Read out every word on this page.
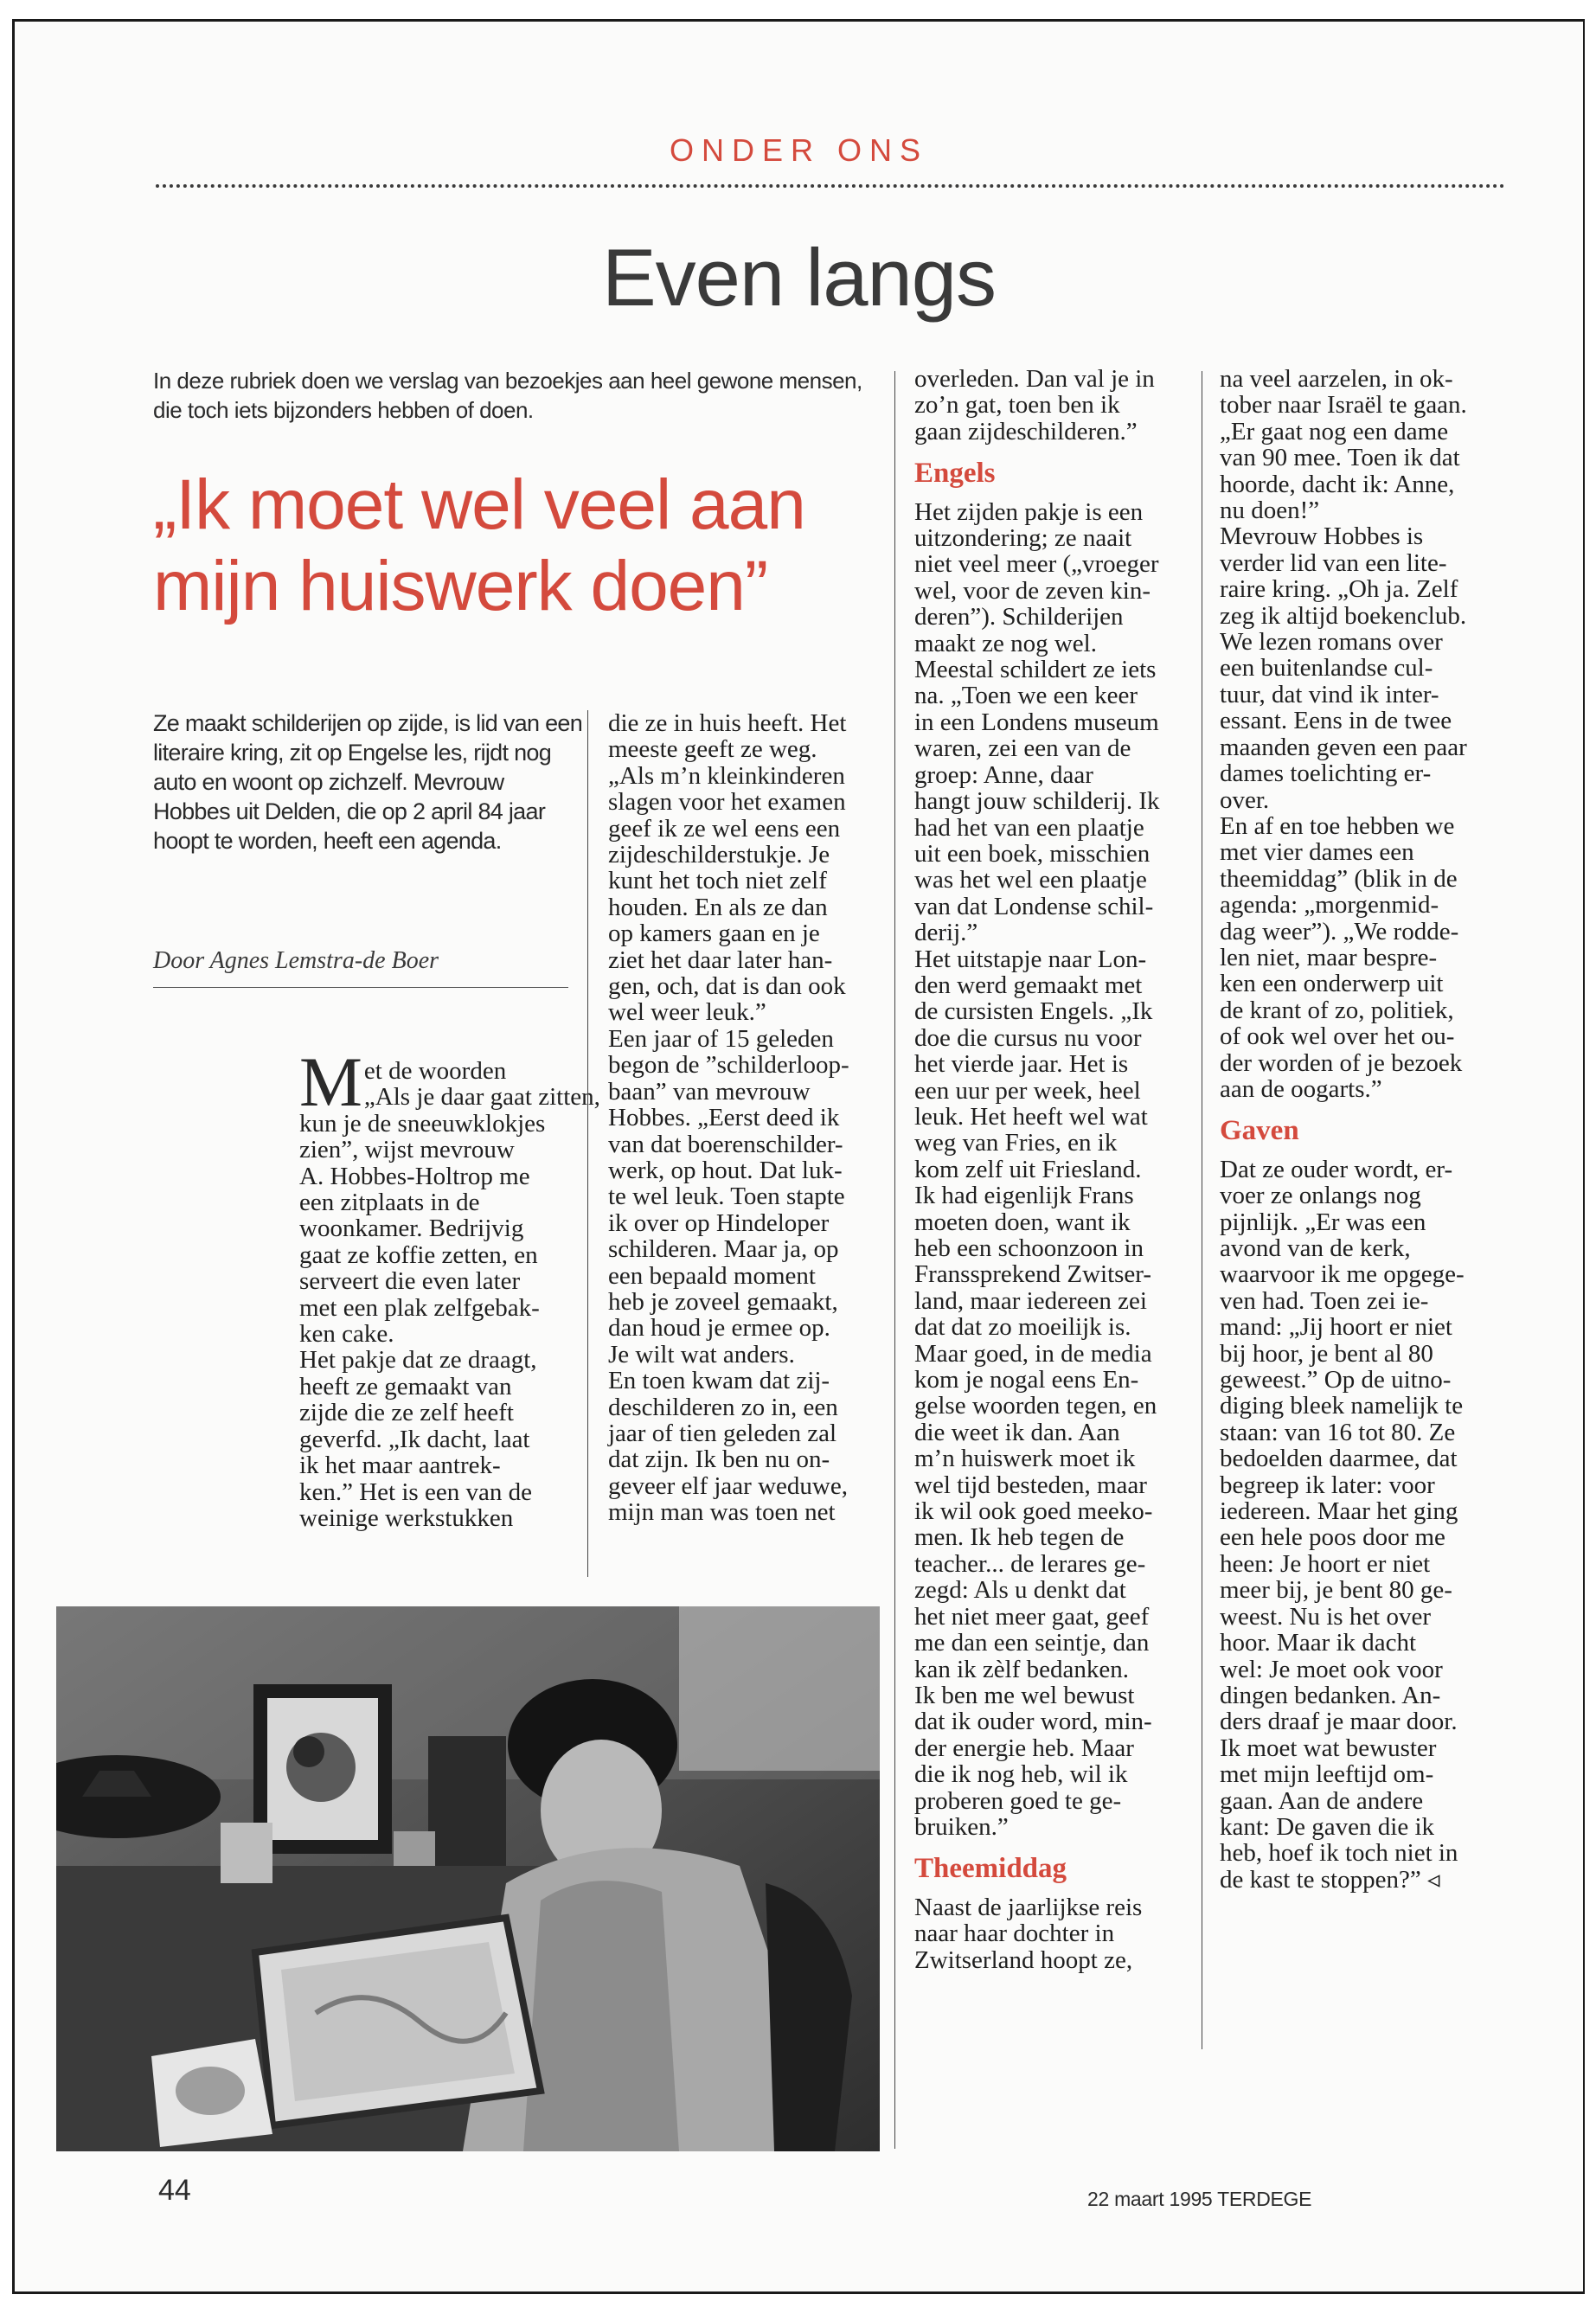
ONDER ONS
Even langs
In deze rubriek doen we verslag van bezoekjes aan heel gewone mensen, die toch iets bijzonders hebben of doen.
„Ik moet wel veel aan mijn huiswerk doen”
Ze maakt schilderijen op zijde, is lid van een literaire kring, zit op Engelse les, rijdt nog auto en woont op zichzelf. Mevrouw Hobbes uit Delden, die op 2 april 84 jaar hoopt te worden, heeft een agenda.
Door Agnes Lemstra-de Boer
M et de woorden

„Als je daar gaat zitten,

kun je de sneeuwklokjes

zien”, wijst mevrouw

A. Hobbes-Holtrop me

een zitplaats in de

woonkamer. Bedrijvig

gaat ze koffie zetten, en

serveert die even later

met een plak zelfgebak-

ken cake.

Het pakje dat ze draagt,

heeft ze gemaakt van

zijde die ze zelf heeft

geverfd. „Ik dacht, laat

ik het maar aantrek-

ken.” Het is een van de

weinige werkstukken

die ze in huis heeft. Het

meeste geeft ze weg.

„Als m’n kleinkinderen

slagen voor het examen

geef ik ze wel eens een

zijdeschilderstukje. Je

kunt het toch niet zelf

houden. En als ze dan

op kamers gaan en je

ziet het daar later han-

gen, och, dat is dan ook

wel weer leuk.”

Een jaar of 15 geleden

begon de ”schilderloop-

baan” van mevrouw

Hobbes. „Eerst deed ik

van dat boerenschilder-

werk, op hout. Dat luk-

te wel leuk. Toen stapte

ik over op Hindeloper

schilderen. Maar ja, op

een bepaald moment

heb je zoveel gemaakt,

dan houd je ermee op.

Je wilt wat anders.

En toen kwam dat zij-

deschilderen zo in, een

jaar of tien geleden zal

dat zijn. Ik ben nu on-

geveer elf jaar weduwe,

mijn man was toen net

overleden. Dan val je in

zo’n gat, toen ben ik

gaan zijdeschilderen.”

Engels

Het zijden pakje is een

uitzondering; ze naait

niet veel meer („vroeger

wel, voor de zeven kin-

deren”). Schilderijen

maakt ze nog wel.

Meestal schildert ze iets

na. „Toen we een keer

in een Londens museum

waren, zei een van de

groep: Anne, daar

hangt jouw schilderij. Ik

had het van een plaatje

uit een boek, misschien

was het wel een plaatje

van dat Londense schil-

derij.”

Het uitstapje naar Lon-

den werd gemaakt met

de cursisten Engels. „Ik

doe die cursus nu voor

het vierde jaar. Het is

een uur per week, heel

leuk. Het heeft wel wat

weg van Fries, en ik

kom zelf uit Friesland.

Ik had eigenlijk Frans

moeten doen, want ik

heb een schoonzoon in

Franssprekend Zwitser-

land, maar iedereen zei

dat dat zo moeilijk is.

Maar goed, in de media

kom je nogal eens En-

gelse woorden tegen, en

die weet ik dan. Aan

m’n huiswerk moet ik

wel tijd besteden, maar

ik wil ook goed meeko-

men. Ik heb tegen de

teacher... de lerares ge-

zegd: Als u denkt dat

het niet meer gaat, geef

me dan een seintje, dan

kan ik zèlf bedanken.

Ik ben me wel bewust

dat ik ouder word, min-

der energie heb. Maar

die ik nog heb, wil ik

proberen goed te ge-

bruiken.”

Theemiddag

Naast de jaarlijkse reis

naar haar dochter in

Zwitserland hoopt ze,

na veel aarzelen, in ok-

tober naar Israël te gaan.

„Er gaat nog een dame

van 90 mee. Toen ik dat

hoorde, dacht ik: Anne,

nu doen!”

Mevrouw Hobbes is

verder lid van een lite-

raire kring. „Oh ja. Zelf

zeg ik altijd boekenclub.

We lezen romans over

een buitenlandse cul-

tuur, dat vind ik inter-

essant. Eens in de twee

maanden geven een paar

dames toelichting er-

over.

En af en toe hebben we

met vier dames een

theemiddag” (blik in de

agenda: „morgenmid-

dag weer”). „We rodde-

len niet, maar bespre-

ken een onderwerp uit

de krant of zo, politiek,

of ook wel over het ou-

der worden of je bezoek

aan de oogarts.”

Gaven

Dat ze ouder wordt, er-

voer ze onlangs nog

pijnlijk. „Er was een

avond van de kerk,

waarvoor ik me opgege-

ven had. Toen zei ie-

mand: „Jij hoort er niet

bij hoor, je bent al 80

geweest.” Op de uitno-

diging bleek namelijk te

staan: van 16 tot 80. Ze

bedoelden daarmee, dat

begreep ik later: voor

iedereen. Maar het ging

een hele poos door me

heen: Je hoort er niet

meer bij, je bent 80 ge-

weest. Nu is het over

hoor. Maar ik dacht

wel: Je moet ook voor

dingen bedanken. An-

ders draaf je maar door.

Ik moet wat bewuster

met mijn leeftijd om-

gaan. Aan de andere

kant: De gaven die ik

heb, hoef ik toch niet in

de kast te stoppen?” ◃

44	22 maart 1995 TERDEGE
